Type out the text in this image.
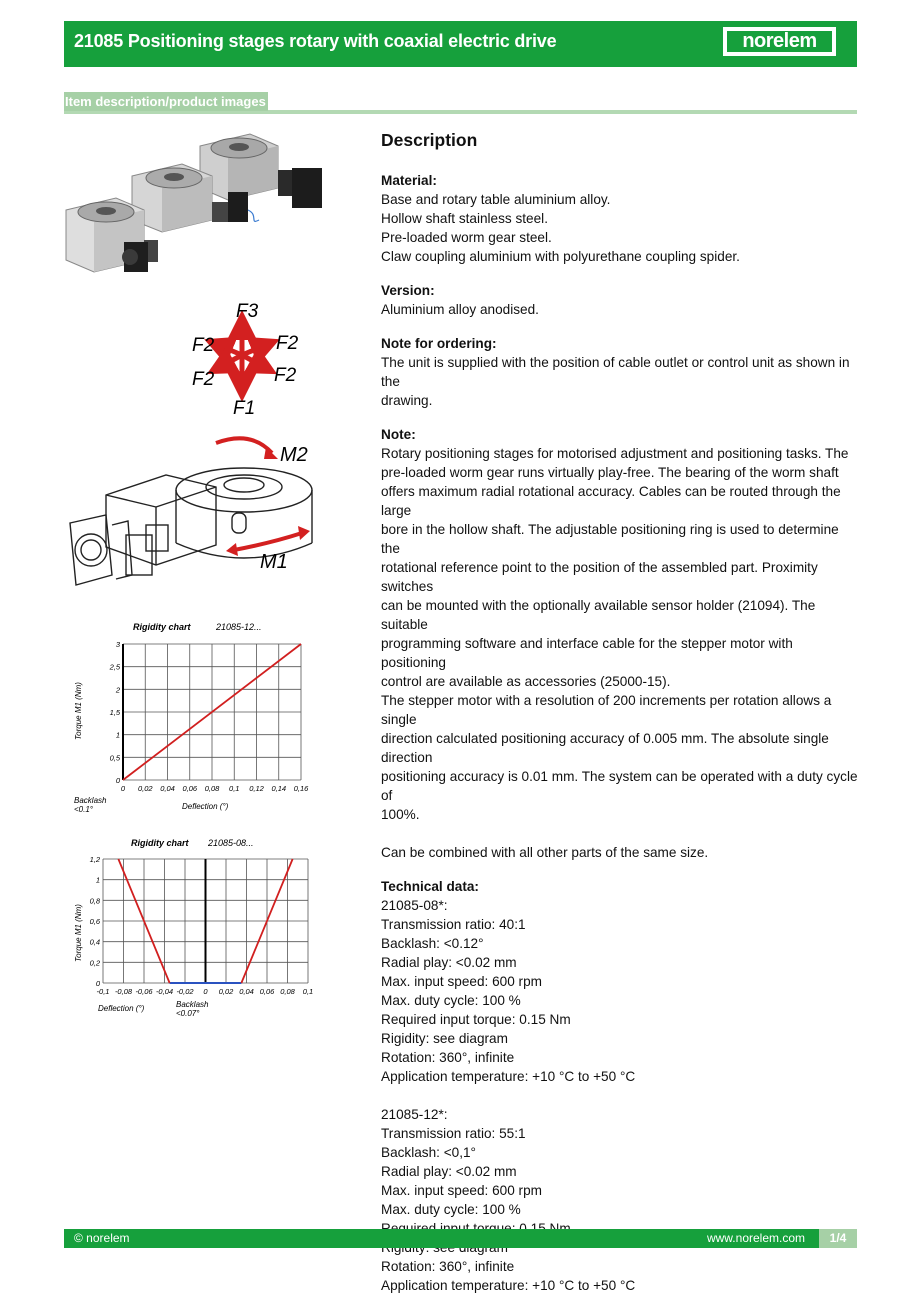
21085 Positioning stages rotary with coaxial electric drive	norelem
Item description/product images
F3
F2	F2
F2	F2
F1
M2
M1
Rigidity chart	21085-12...
Torque M1 (Nm)
Deflection (°)
Backlash
<0.1°
0 0,02 0,04 0,06 0,08 0,1 0,12 0,14 0,16
0
0,5
1
1,5
2
2,5
3
Rigidity chart 21085-08...
Torque M1 (Nm)
Deflection (°)	Backlash
<0.07°
-0,1 -0,08 -0,06 -0,04 -0,02 0 0,02 0,04 0,06 0,08 0,1
0
0,2
0,4
0,6
0,8
1
1,2
Description
Material:
Base and rotary table aluminium alloy.
Hollow shaft stainless steel.
Pre-loaded worm gear steel.
Claw coupling aluminium with polyurethane coupling spider.
Version:
Aluminium alloy anodised.
Note for ordering:
The unit is supplied with the position of cable outlet or control unit as shown in the
drawing.
Note:
Rotary positioning stages for motorised adjustment and positioning tasks. The
pre-loaded worm gear runs virtually play-free. The bearing of the worm shaft
offers maximum radial rotational accuracy. Cables can be routed through the large
bore in the hollow shaft. The adjustable positioning ring is used to determine the
rotational reference point to the position of the assembled part. Proximity switches
can be mounted with the optionally available sensor holder (21094). The suitable
programming software and interface cable for the stepper motor with positioning
control are available as accessories (25000-15).
The stepper motor with a resolution of 200 increments per rotation allows a single
direction calculated positioning accuracy of 0.005 mm. The absolute single direction
positioning accuracy is 0.01 mm. The system can be operated with a duty cycle of
100%.
Can be combined with all other parts of the same size.
Technical data:
21085-08*:
Transmission ratio: 40:1
Backlash: <0.12°
Radial play: <0.02 mm
Max. input speed: 600 rpm
Max. duty cycle: 100 %
Required input torque: 0.15 Nm
Rigidity: see diagram
Rotation: 360°, infinite
Application temperature: +10 °C to +50 °C
21085-12*:
Transmission ratio: 55:1
Backlash: <0,1°
Radial play: <0.02 mm
Max. input speed: 600 rpm
Max. duty cycle: 100 %
Rotation: 360°, infinite
Application temperature: +10 °C to +50 °C
© norelem	www.norelem.com	1/4
